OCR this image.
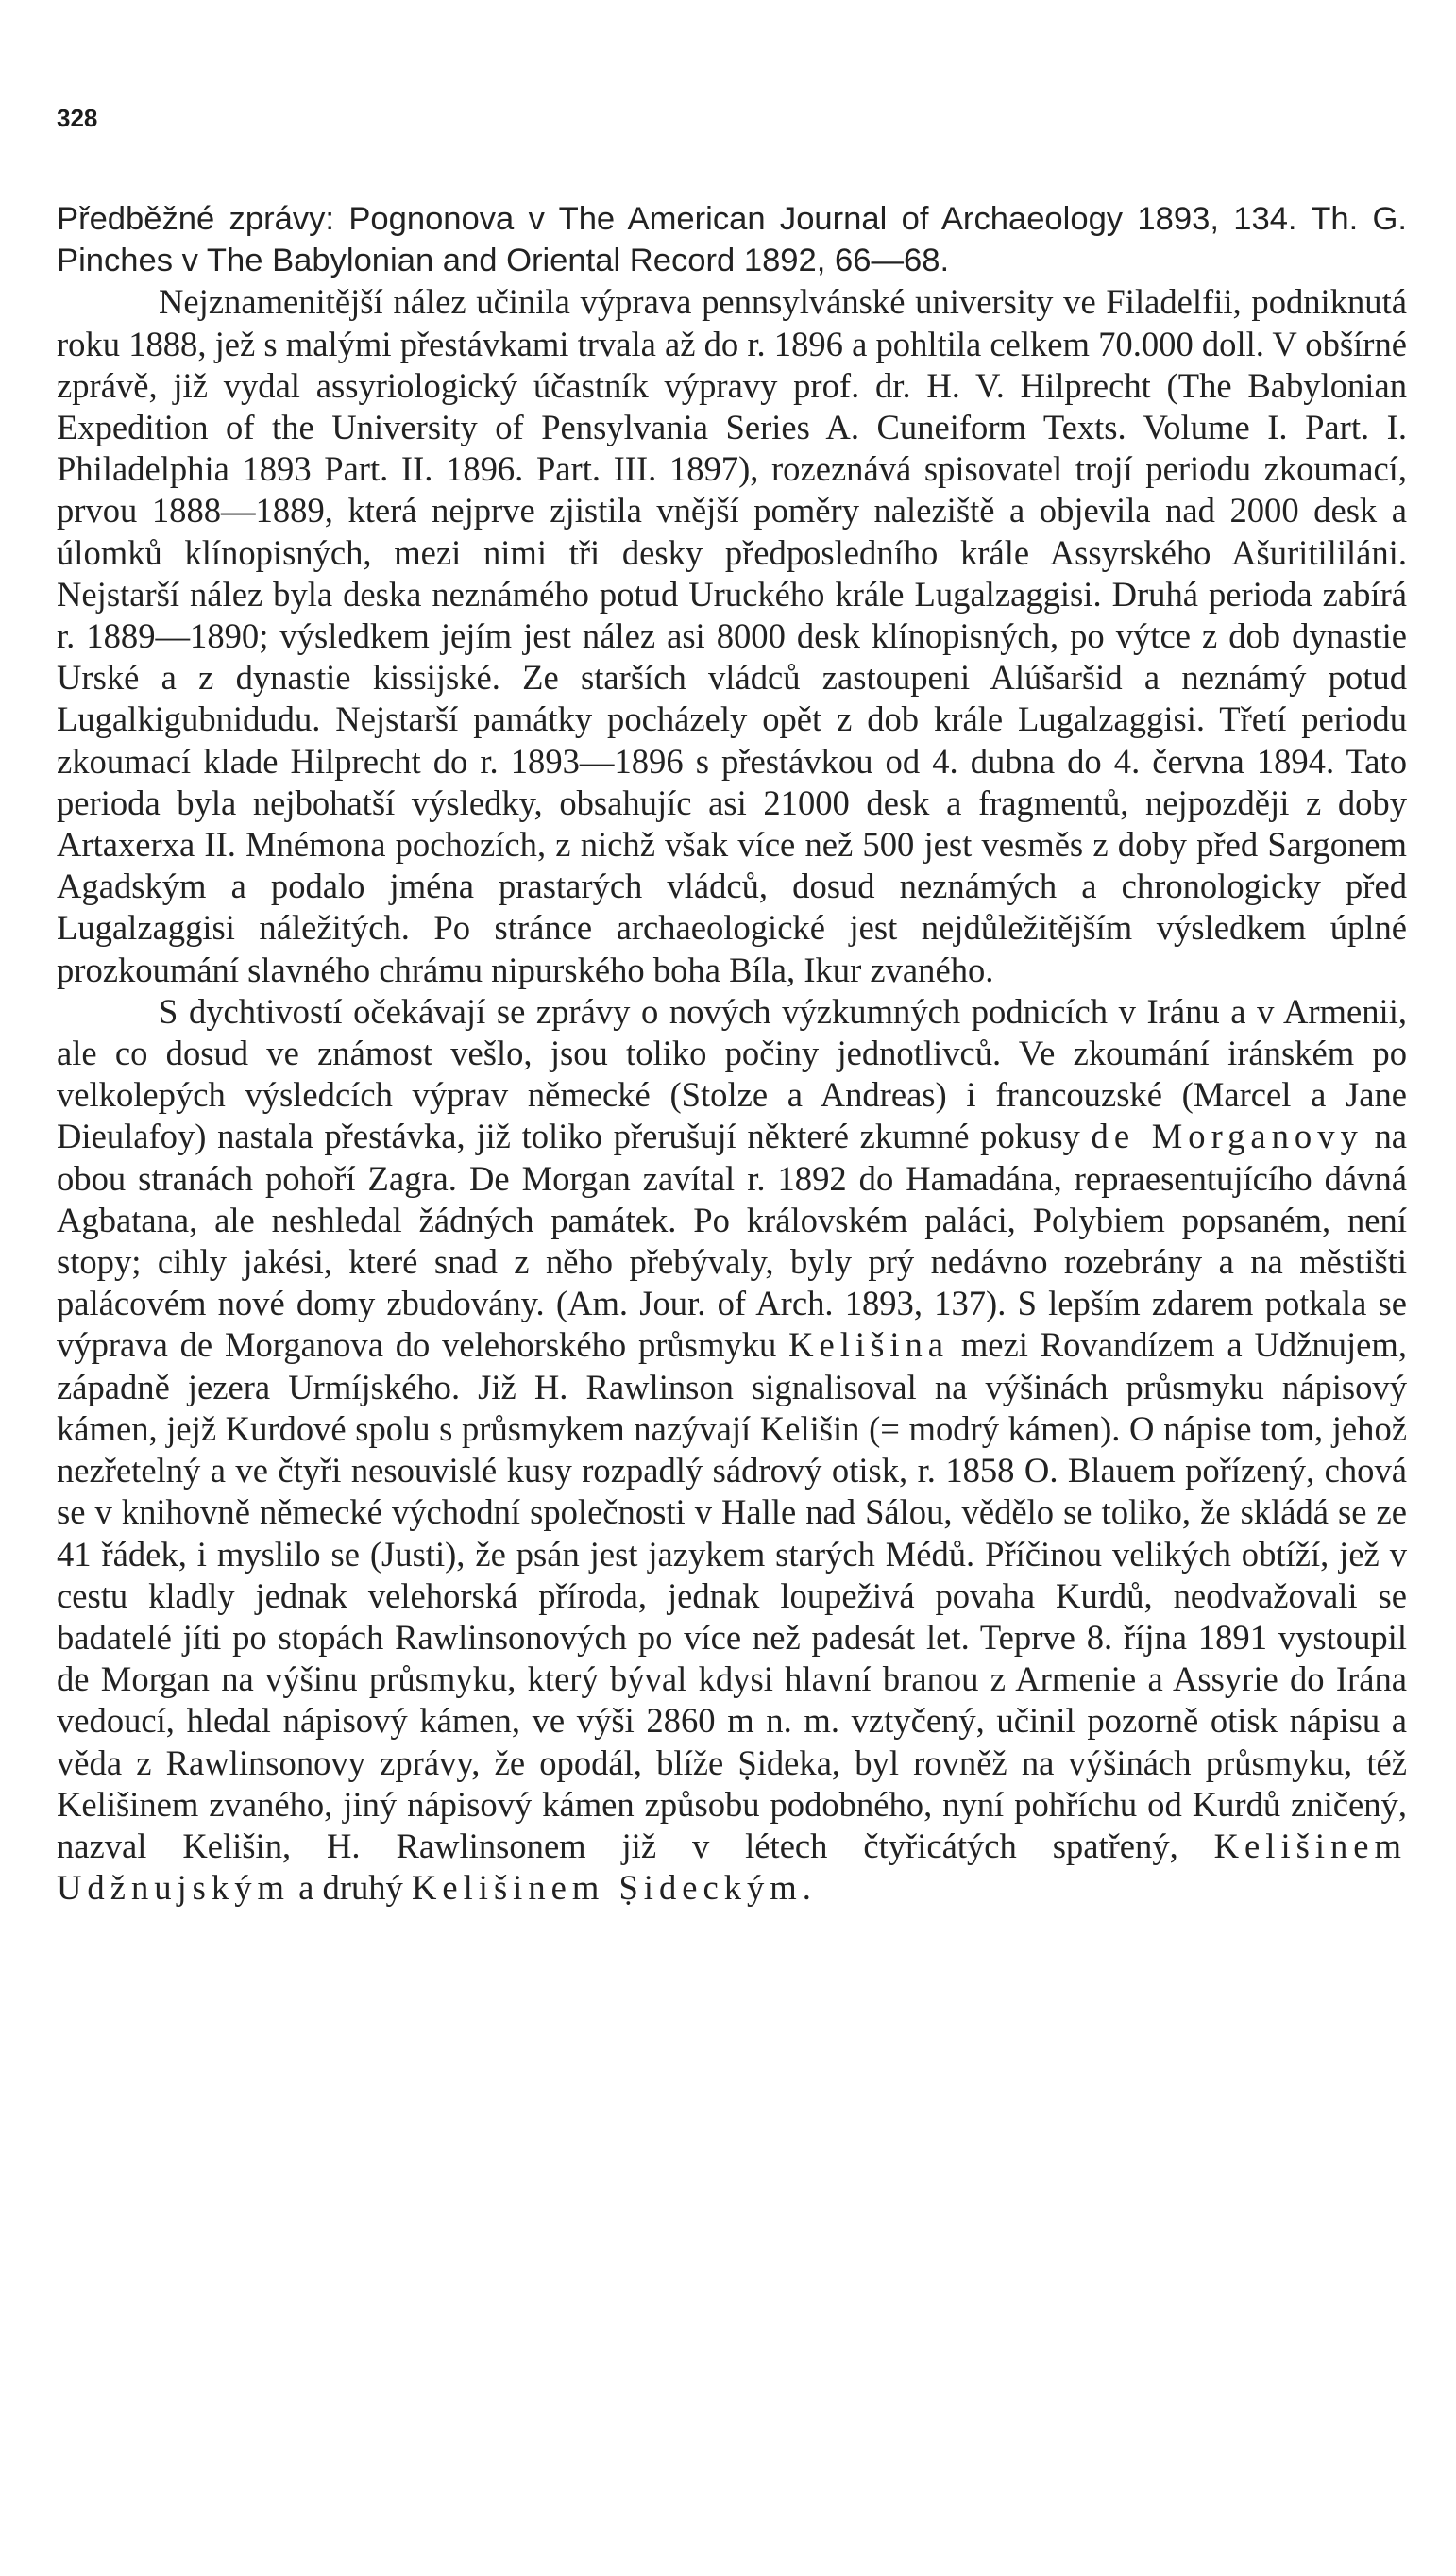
328

Předběžné zprávy: Pognonova v The American Journal of Archaeology 1893, 134. Th. G. Pinches v The Babylonian and Oriental Record 1892, 66—68.

Nejznamenitější nález učinila výprava pennsylvánské university ve Filadelfii, podniknutá roku 1888, jež s malými přestávkami trvala až do r. 1896 a pohltila celkem 70.000 doll. V obšírné zprávě, již vydal assyriologický účastník výpravy prof. dr. H. V. Hilprecht (The Babylonian Expedition of the University of Pensylvania Series A. Cuneiform Texts. Volume I. Part. I. Philadelphia 1893 Part. II. 1896. Part. III. 1897), rozeznává spisovatel trojí periodu zkoumací, prvou 1888—1889, která nejprve zjistila vnější poměry naleziště a objevila nad 2000 desk a úlomků klínopisných, mezi nimi tři desky předposledního krále Assyrského Ašuritililáni. Nejstarší nález byla deska neznámého potud Uruckého krále Lugalzaggisi. Druhá perioda zabírá r. 1889—1890; výsledkem jejím jest nález asi 8000 desk klínopisných, po výtce z dob dynastie Urské a z dynastie kissijské. Ze starších vládců zastoupeni Alúšaršid a neznámý potud Lugalkigubnidudu. Nejstarší památky pocházely opět z dob krále Lugalzaggisi. Třetí periodu zkoumací klade Hilprecht do r. 1893—1896 s přestávkou od 4. dubna do 4. června 1894. Tato perioda byla nejbohatší výsledky, obsahujíc asi 21000 desk a fragmentů, nejpozději z doby Artaxerxa II. Mnémona pochozích, z nichž však více než 500 jest vesměs z doby před Sargonem Agadským a podalo jména prastarých vládců, dosud neznámých a chronologicky před Lugalzaggisi náležitých. Po stránce archaeologické jest nejdůležitějším výsledkem úplné prozkoumání slavného chrámu nipurského boha Bíla, Ikur zvaného.

S dychtivostí očekávají se zprávy o nových výzkumných podnicích v Iránu a v Armenii, ale co dosud ve známost vešlo, jsou toliko počiny jednotlivců. Ve zkoumání iránském po velkolepých výsledcích výprav německé (Stolze a Andreas) i francouzské (Marcel a Jane Dieulafoy) nastala přestávka, již toliko přerušují některé zkumné pokusy de Morganovy na obou stranách pohoří Zagra. De Morgan zavítal r. 1892 do Hamadána, repraesentujícího dávná Agbatana, ale neshledal žádných památek. Po královském paláci, Polybiem popsaném, není stopy; cihly jakési, které snad z něho přebývaly, byly prý nedávno rozebrány a na městišti palácovém nové domy zbudovány. (Am. Jour. of Arch. 1893, 137). S lepším zdarem potkala se výprava de Morganova do velehorského průsmyku Kelišina mezi Rovandízem a Udžnujem, západně jezera Urmíjského. Již H. Rawlinson signalisoval na výšinách průsmyku nápisový kámen, jejž Kurdové spolu s průsmykem nazývají Kelišin (= modrý kámen). O nápise tom, jehož nezřetelný a ve čtyři nesouvislé kusy rozpadlý sádrový otisk, r. 1858 O. Blauem pořízený, chová se v knihovně německé východní společnosti v Halle nad Sálou, vědělo se toliko, že skládá se ze 41 řádek, i myslilo se (Justi), že psán jest jazykem starých Médů. Příčinou velikých obtíží, jež v cestu kladly jednak velehorská příroda, jednak loupeživá povaha Kurdů, neodvažovali se badatelé jíti po stopách Rawlinsonových po více než padesát let. Teprve 8. října 1891 vystoupil de Morgan na výšinu průsmyku, který býval kdysi hlavní branou z Armenie a Assyrie do Irána vedoucí, hledal nápisový kámen, ve výši 2860 m n. m. vztyčený, učinil pozorně otisk nápisu a věda z Rawlinsonovy zprávy, že opodál, blíže Ṣideka, byl rovněž na výšinách průsmyku, též Kelišinem zvaného, jiný nápisový kámen způsobu podobného, nyní pohříchu od Kurdů zničený, nazval Kelišin, H. Rawlinsonem již v létech čtyřicátých spatřený, Kelišinem Udžnujským a druhý Kelišinem Ṣideckým.
